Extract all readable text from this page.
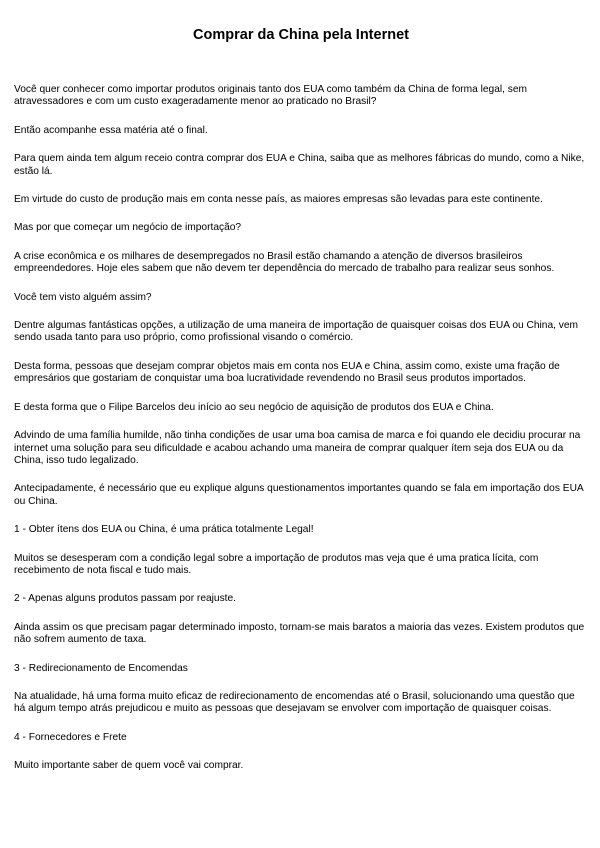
Comprar da China pela Internet

Você quer conhecer como importar produtos originais tanto dos EUA como também da China de forma legal, sem atravessadores e com um custo exageradamente menor ao praticado no Brasil?

Então acompanhe essa matéria até o final.

Para quem ainda tem algum receio contra comprar dos EUA e China, saiba que as melhores fábricas do mundo, como a Nike, estão lá.

Em virtude do custo de produção mais em conta nesse país, as maiores empresas são levadas para este continente.

Mas por que começar um negócio de importação?

A crise econômica e os milhares de desempregados no Brasil estão chamando a atenção de diversos brasileiros empreendedores. Hoje eles sabem que não devem ter dependência do mercado de trabalho para realizar seus sonhos.

Você tem visto alguém assim?

Dentre algumas fantásticas opções, a utilização de uma maneira de importação de quaisquer coisas dos EUA ou China, vem sendo usada tanto para uso próprio, como profissional visando o comércio.

Desta forma, pessoas que desejam comprar objetos mais em conta nos EUA e China, assim como, existe uma fração de empresários que gostariam de conquistar uma boa lucratividade revendendo no Brasil seus produtos importados.

E desta forma que o Filipe Barcelos deu início ao seu negócio de aquisição de produtos dos EUA e China.

Advindo de uma família humilde, não tinha condições de usar uma boa camisa de marca e foi quando ele decidiu procurar na internet uma solução para seu dificuldade e acabou achando uma maneira de comprar qualquer ítem seja dos EUA ou da China, isso tudo legalizado.

Antecipadamente, é necessário que eu explique alguns questionamentos importantes quando se fala em importação dos EUA ou China.

1 - Obter ítens dos EUA ou China, é uma prática totalmente Legal!

Muitos se desesperam com a condição legal sobre a importação de produtos mas veja que é uma pratica lícita, com recebimento de nota fiscal e tudo mais.

2 - Apenas alguns produtos passam por reajuste.

Ainda assim os que precisam pagar determinado imposto, tornam-se mais baratos a maioria das vezes. Existem produtos que não sofrem aumento de taxa.

3 - Redirecionamento de Encomendas

Na atualidade, há uma forma muito eficaz de redirecionamento de encomendas até o Brasil, solucionando uma questão que há algum tempo atrás prejudicou e muito as pessoas que desejavam se envolver com importação de quaisquer coisas.

4 - Fornecedores e Frete

Muito importante saber de quem você vai comprar.
